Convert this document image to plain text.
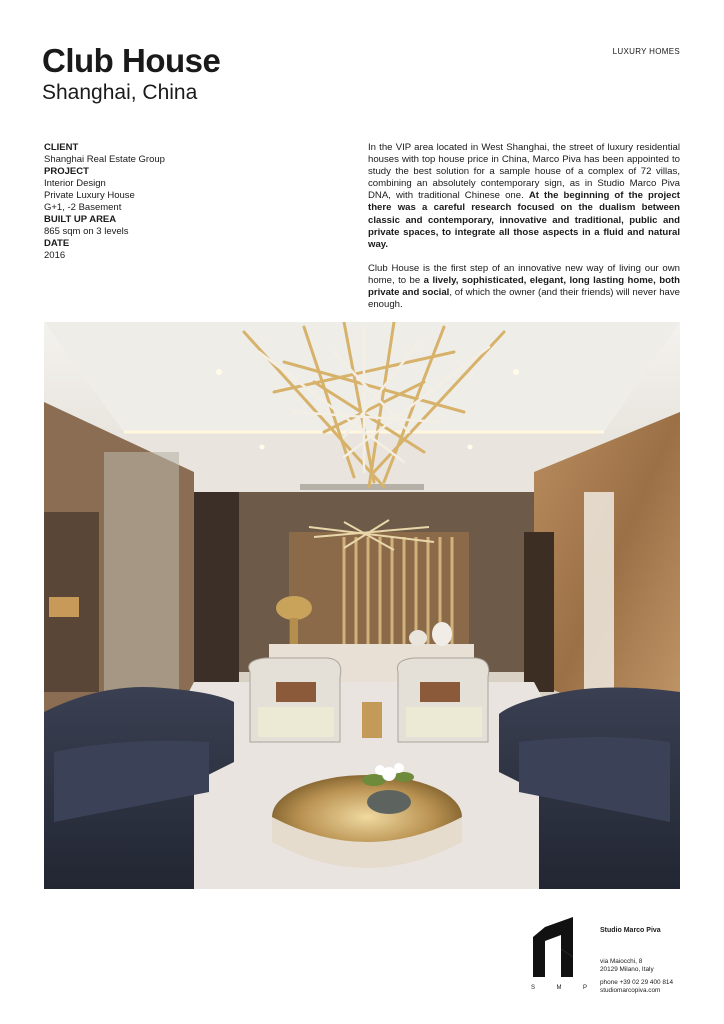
Club House
Shanghai, China
LUXURY HOMES
CLIENT
Shanghai Real Estate Group
PROJECT
Interior Design
Private Luxury House
G+1, -2 Basement
BUILT UP AREA
865 sqm on 3 levels
DATE
2016

In the VIP area located in West Shanghai, the street of luxury residential houses with top house price in China, Marco Piva has been appointed to study the best solution for a sample house of a complex of 72 villas, combining an absolutely contemporary sign, as in Studio Marco Piva DNA, with traditional Chinese one. At the beginning of the project there was a careful research focused on the dualism between classic and contemporary, innovative and traditional, public and private spaces, to integrate all those aspects in a fluid and natural way.

Club House is the first step of an innovative new way of living our own home, to be a lively, sophisticated, elegant, long lasting home, both private and social, of which the owner (and their friends) will never have enough.

S	M	P
Studio Marco Piva
via Maiocchi, 8
20129 Milano, Italy
phone +39 02 29 400 814
studiomarcopiva.com
